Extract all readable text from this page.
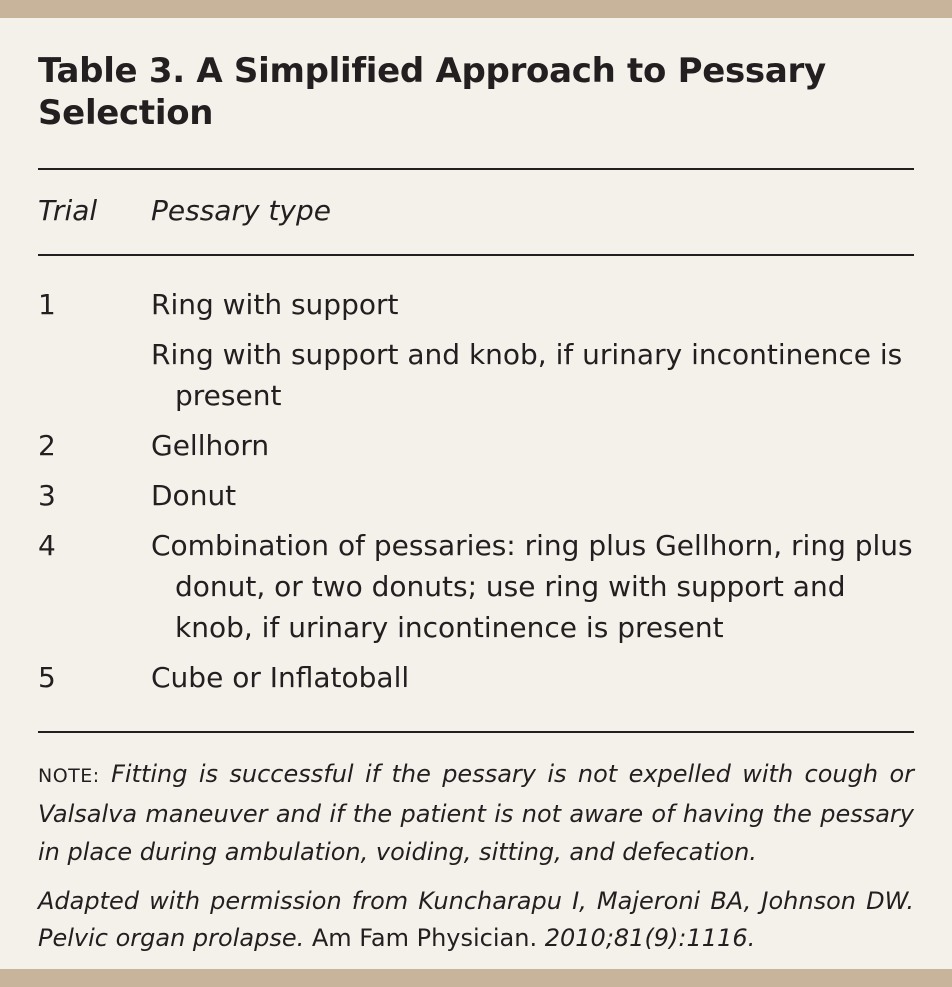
Table 3. A Simplified Approach to Pessary Selection
Trial	Pessary type
1	Ring with support
Ring with support and knob, if urinary incontinence is present
2	Gellhorn
3	Donut
4	Combination of pessaries: ring plus Gellhorn, ring plus donut, or two donuts; use ring with support and knob, if urinary incontinence is present
5	Cube or Inflatoball
NOTE: Fitting is successful if the pessary is not expelled with cough or Valsalva maneuver and if the patient is not aware of having the pessary in place during ambulation, voiding, sitting, and defecation.
Adapted with permission from Kuncharapu I, Majeroni BA, Johnson DW. Pelvic organ prolapse. Am Fam Physician. 2010;81(9):1116.
